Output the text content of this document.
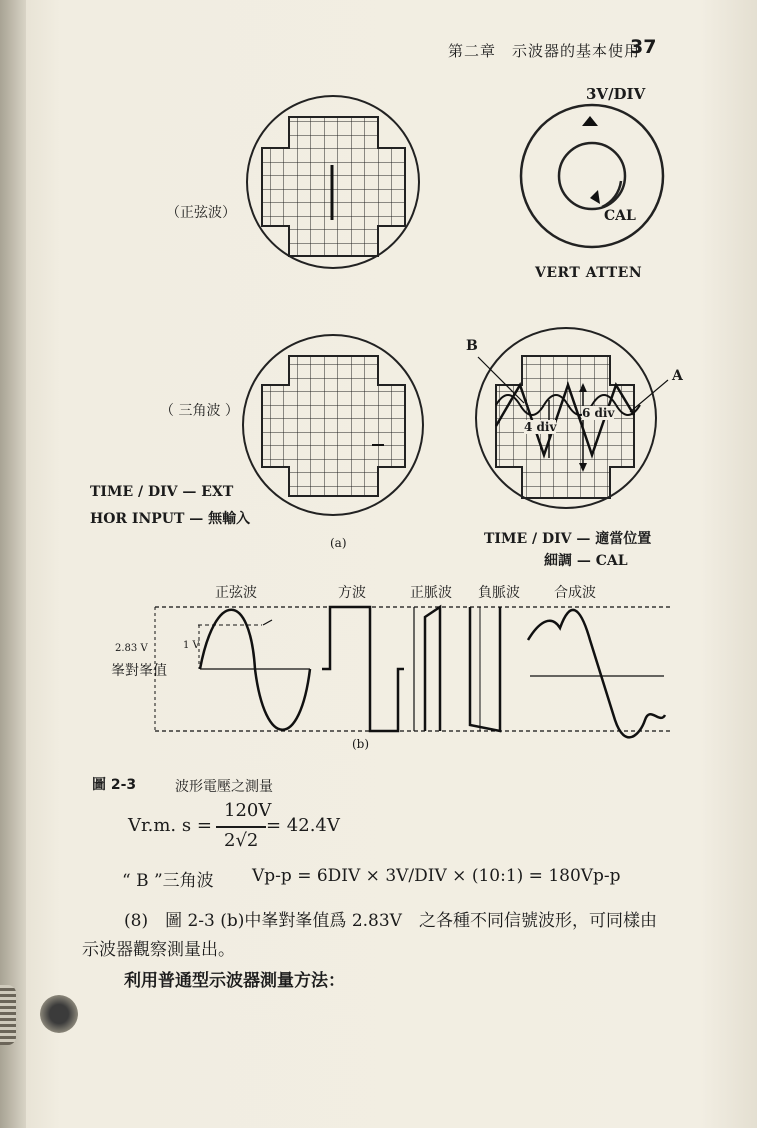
第二章　示波器的基本使用
37
（正弦波）
（ 三角波 ）
3V/DIV
CAL
VERT ATTEN
B
A
4 div
6 div
TIME / DIV — EXT
HOR INPUT — 無輸入
(a)	TIME / DIV — 適當位置
細調 — CAL
正弦波	方波	正脈波 負脈波 合成波
2.83 V	1 V
峯對峯值
(b)
圖 2-3	波形電壓之測量
Vr.m. s =
120V
2√2
= 42.4V
“ B ”三角波 Vp-p = 6DIV × 3V/DIV × (10:1) = 180Vp-p
(8)　圖 2-3 (b)中峯對峯值爲 2.83V　之各種不同信號波形，可同樣由
示波器觀察測量出。
利用普通型示波器測量方法：
